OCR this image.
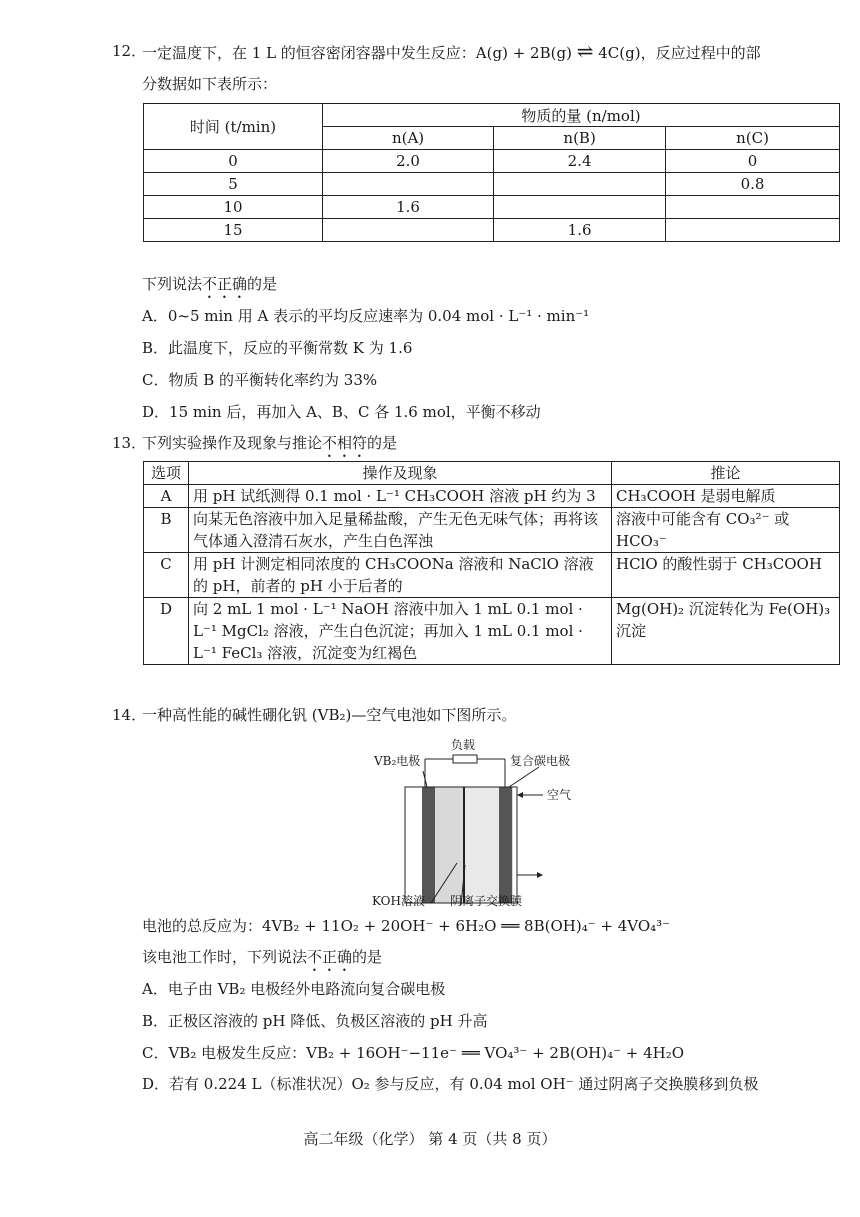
12．
一定温度下，在 1 L 的恒容密闭容器中发生反应：A(g) + 2B(g) ⇌ 4C(g)，反应过程中的部
分数据如下表所示：
时间 (t/min)	物质的量 (n/mol)		
	n(A)	n(B)	n(C)
0	2.0	2.4	0
5			0.8
10	1.6		
15		1.6	
下列说法不正确的是
A．0~5 min 用 A 表示的平均反应速率为 0.04 mol · L⁻¹ · min⁻¹
B．此温度下，反应的平衡常数 K 为 1.6
C．物质 B 的平衡转化率约为 33%
D．15 min 后，再加入 A、B、C 各 1.6 mol，平衡不移动
13．
下列实验操作及现象与推论不相符的是
选项	操作及现象	推论
A	用 pH 试纸测得 0.1 mol · L⁻¹ CH₃COOH 溶液 pH 约为 3	CH₃COOH 是弱电解质
B	向某无色溶液中加入足量稀盐酸，产生无色无味气体；再将该气体通入澄清石灰水，产生白色浑浊	溶液中可能含有 CO₃²⁻ 或 HCO₃⁻
C	用 pH 计测定相同浓度的 CH₃COONa 溶液和 NaClO 溶液的 pH，前者的 pH 小于后者的	HClO 的酸性弱于 CH₃COOH
D	向 2 mL 1 mol · L⁻¹ NaOH 溶液中加入 1 mL 0.1 mol · L⁻¹ MgCl₂ 溶液，产生白色沉淀；再加入 1 mL 0.1 mol · L⁻¹ FeCl₃ 溶液，沉淀变为红褐色	Mg(OH)₂ 沉淀转化为 Fe(OH)₃ 沉淀
14．
一种高性能的碱性硼化钒 (VB₂)—空气电池如下图所示。
负载
VB₂电极	复合碳电极
空气
KOH溶液 阴离子交换膜
电池的总反应为：4VB₂ + 11O₂ + 20OH⁻ + 6H₂O ══ 8B(OH)₄⁻ + 4VO₄³⁻
该电池工作时，下列说法不正确的是
A．电子由 VB₂ 电极经外电路流向复合碳电极
B．正极区溶液的 pH 降低、负极区溶液的 pH 升高
C．VB₂ 电极发生反应：VB₂ + 16OH⁻−11e⁻ ══ VO₄³⁻ + 2B(OH)₄⁻ + 4H₂O
D．若有 0.224 L（标准状况）O₂ 参与反应，有 0.04 mol OH⁻ 通过阴离子交换膜移到负极
高二年级（化学） 第 4 页（共 8 页）
